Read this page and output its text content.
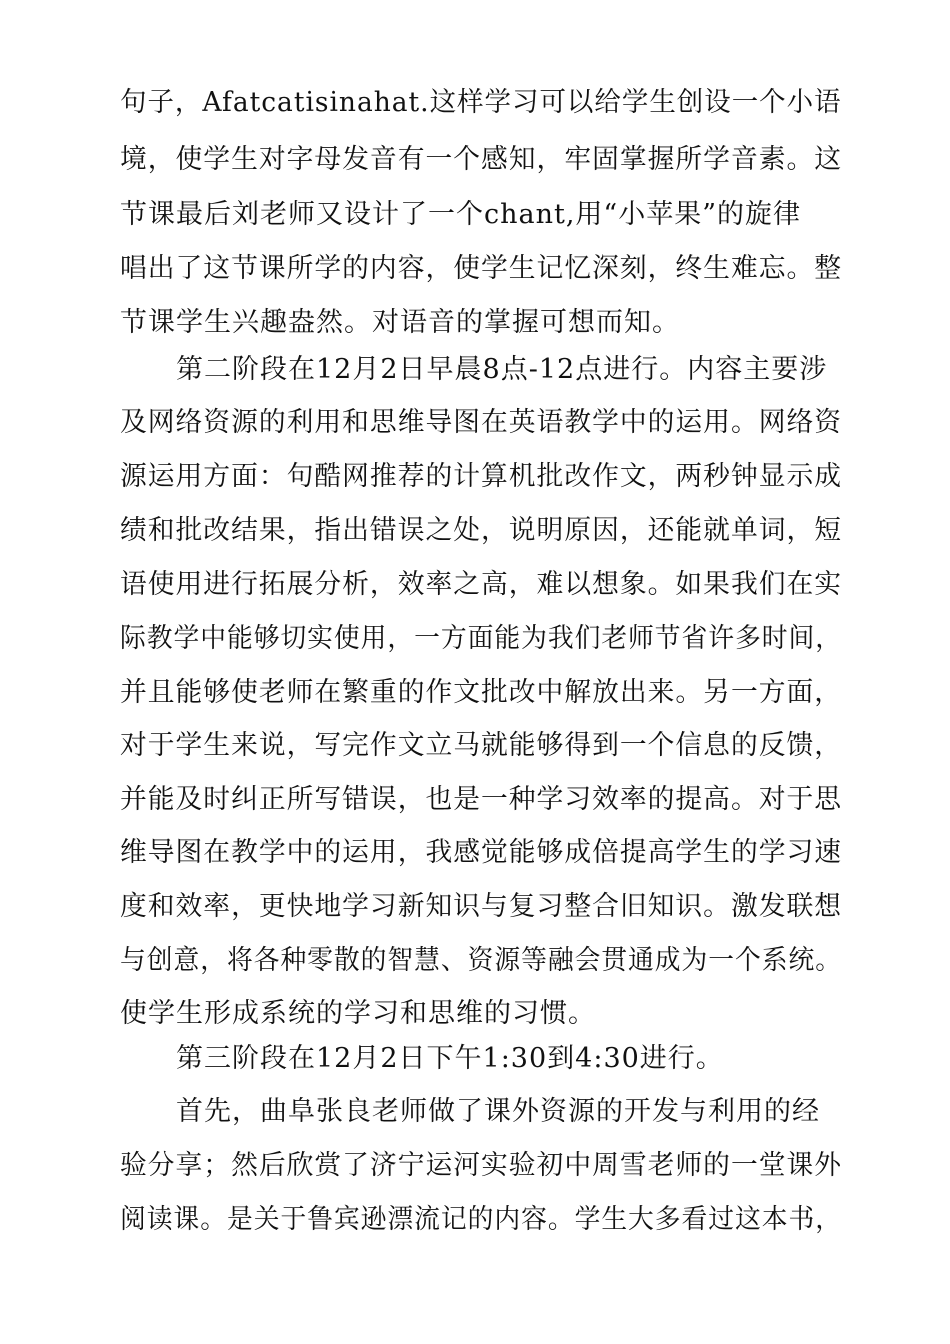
句子，Afatcatisinahat.这样学习可以给学生创设一个小语
境，使学生对字母发音有一个感知，牢固掌握所学音素。这
节课最后刘老师又设计了一个chant,用“小苹果”的旋律
唱出了这节课所学的内容，使学生记忆深刻，终生难忘。整
节课学生兴趣盎然。对语音的掌握可想而知。
第二阶段在12月2日早晨8点-12点进行。内容主要涉
及网络资源的利用和思维导图在英语教学中的运用。网络资
源运用方面：句酷网推荐的计算机批改作文，两秒钟显示成
绩和批改结果，指出错误之处，说明原因，还能就单词，短
语使用进行拓展分析，效率之高，难以想象。如果我们在实
际教学中能够切实使用，一方面能为我们老师节省许多时间，
并且能够使老师在繁重的作文批改中解放出来。另一方面，
对于学生来说，写完作文立马就能够得到一个信息的反馈，
并能及时纠正所写错误，也是一种学习效率的提高。对于思
维导图在教学中的运用，我感觉能够成倍提高学生的学习速
度和效率，更快地学习新知识与复习整合旧知识。激发联想
与创意，将各种零散的智慧、资源等融会贯通成为一个系统。
使学生形成系统的学习和思维的习惯。
第三阶段在12月2日下午1:30到4:30进行。
首先，曲阜张良老师做了课外资源的开发与利用的经
验分享；然后欣赏了济宁运河实验初中周雪老师的一堂课外
阅读课。是关于鲁宾逊漂流记的内容。学生大多看过这本书，
